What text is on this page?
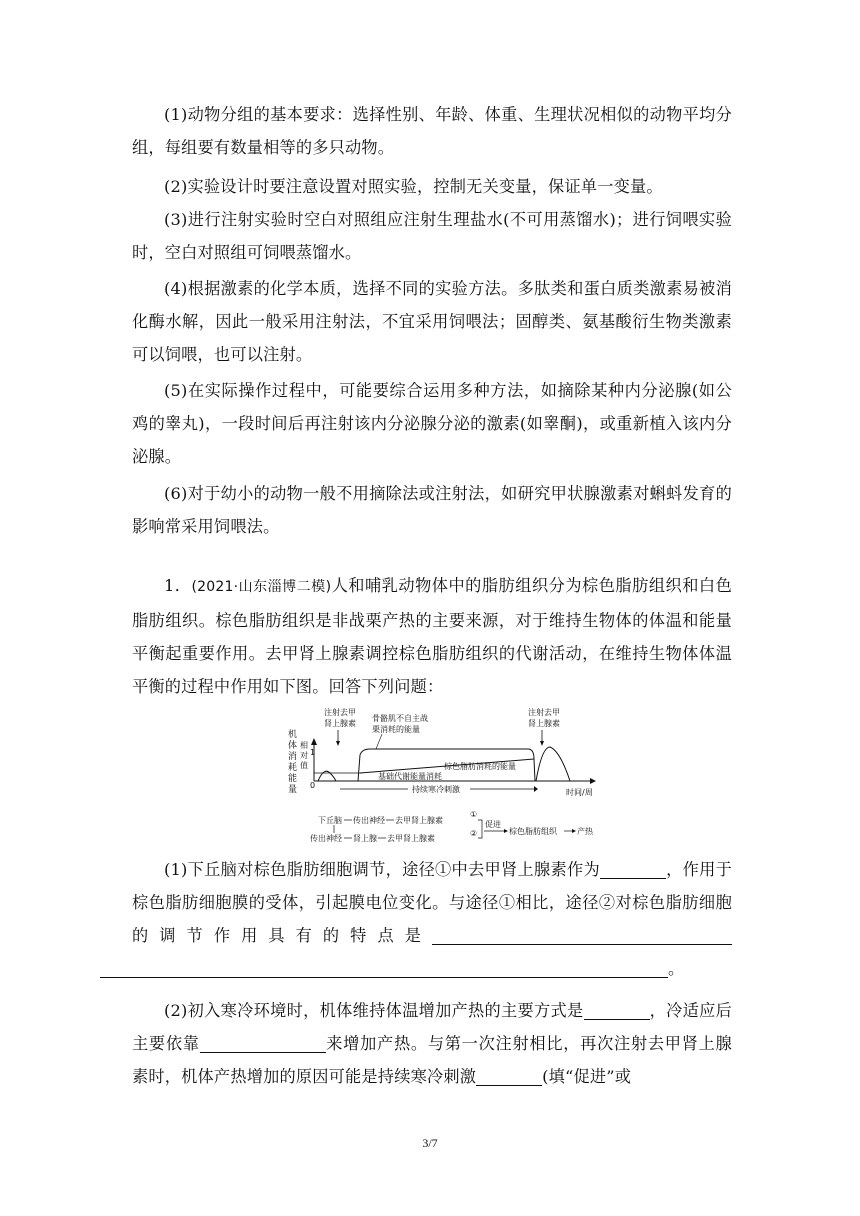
(1)动物分组的基本要求：选择性别、年龄、体重、生理状况相似的动物平均分组，每组要有数量相等的多只动物。

(2)实验设计时要注意设置对照实验，控制无关变量，保证单一变量。

(3)进行注射实验时空白对照组应注射生理盐水(不可用蒸馏水)；进行饲喂实验时，空白对照组可饲喂蒸馏水。

(4)根据激素的化学本质，选择不同的实验方法。多肽类和蛋白质类激素易被消化酶水解，因此一般采用注射法，不宜采用饲喂法；固醇类、氨基酸衍生物类激素可以饲喂，也可以注射。

(5)在实际操作过程中，可能要综合运用多种方法，如摘除某种内分泌腺(如公鸡的睾丸)，一段时间后再注射该内分泌腺分泌的激素(如睾酮)，或重新植入该内分泌腺。

(6)对于幼小的动物一般不用摘除法或注射法，如研究甲状腺激素对蝌蚪发育的影响常采用饲喂法。

1．(2021·山东淄博二模)人和哺乳动物体中的脂肪组织分为棕色脂肪组织和白色脂肪组织。棕色脂肪组织是非战栗产热的主要来源，对于维持生物体的体温和能量平衡起重要作用。去甲肾上腺素调控棕色脂肪组织的代谢活动，在维持生物体体温平衡的过程中作用如下图。回答下列问题：

机
体
消
耗
能
量
相
对
值
1
0
注射去甲
肾上腺素
注射去甲
肾上腺素
骨骼肌不自主战
栗消耗的能量
棕色脂肪消耗的能量
基础代谢能量消耗
持续寒冷刺激	时间/周
下丘脑 传出神经 去甲肾上腺素
①
传出神经 肾上腺 去甲肾上腺素
②
促进
棕色脂肪组织	产热

(1)下丘脑对棕色脂肪细胞调节，途径①中去甲肾上腺素作为	，作用于棕色脂肪细胞膜的受体，引起膜电位变化。与途径①相比，途径②对棕色脂肪细胞的调节作用具有的特点是 。

(2)初入寒冷环境时，机体维持体温增加产热的主要方式是	，冷适应后主要依靠	来增加产热。与第一次注射相比，再次注射去甲肾上腺素时，机体产热增加的原因可能是持续寒冷刺激	(填“促进”或

3/7
